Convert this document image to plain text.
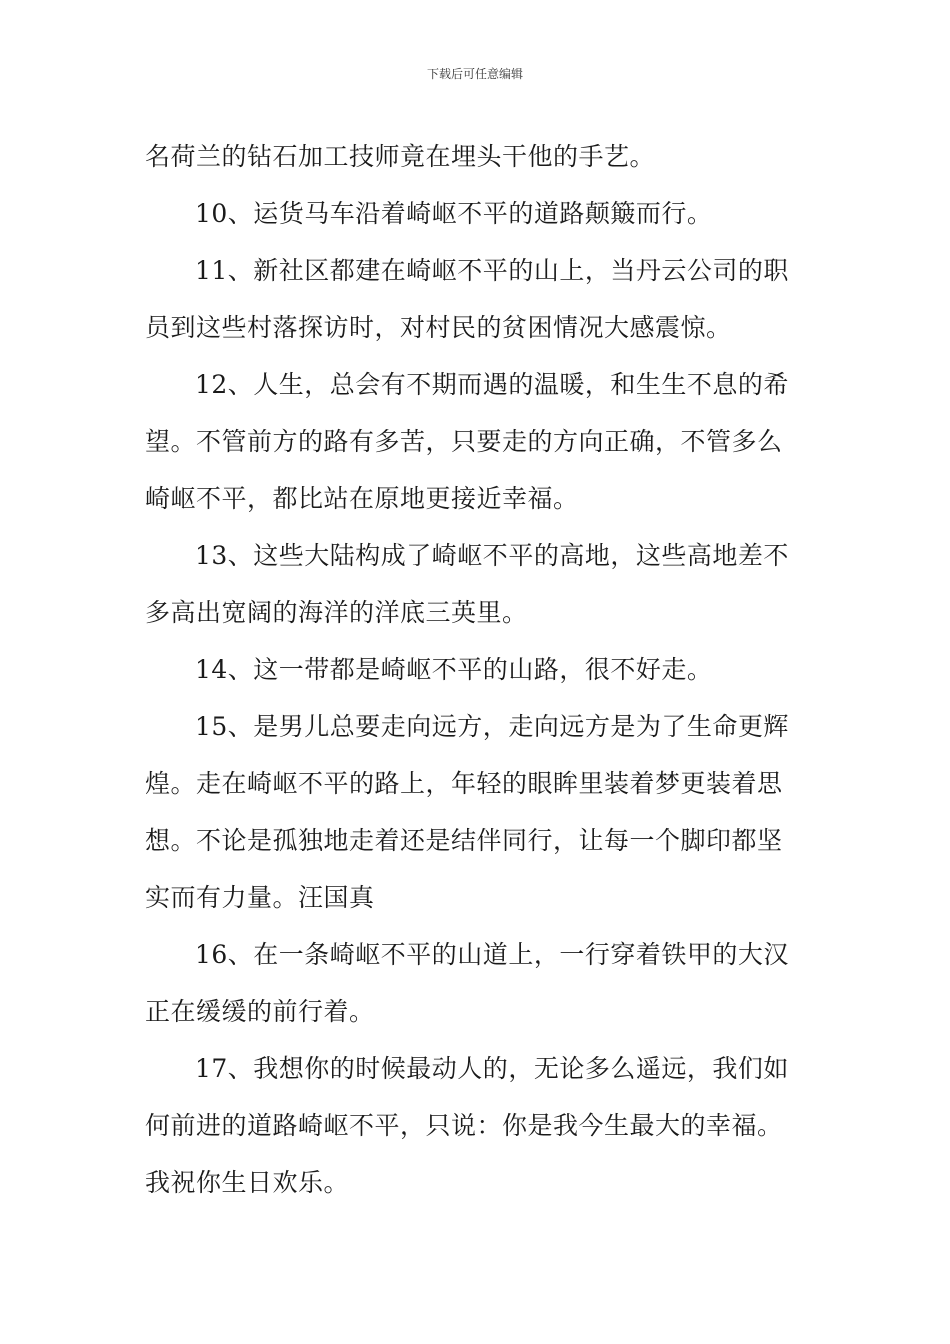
下载后可任意编辑

名荷兰的钻石加工技师竟在埋头干他的手艺。

10、运货马车沿着崎岖不平的道路颠簸而行。

11、新社区都建在崎岖不平的山上，当丹云公司的职
员到这些村落探访时，对村民的贫困情况大感震惊。

12、人生，总会有不期而遇的温暖，和生生不息的希
望。不管前方的路有多苦，只要走的方向正确，不管多么
崎岖不平，都比站在原地更接近幸福。

13、这些大陆构成了崎岖不平的高地，这些高地差不
多高出宽阔的海洋的洋底三英里。

14、这一带都是崎岖不平的山路，很不好走。

15、是男儿总要走向远方，走向远方是为了生命更辉
煌。走在崎岖不平的路上，年轻的眼眸里装着梦更装着思
想。不论是孤独地走着还是结伴同行，让每一个脚印都坚
实而有力量。汪国真

16、在一条崎岖不平的山道上，一行穿着铁甲的大汉
正在缓缓的前行着。

17、我想你的时候最动人的，无论多么遥远，我们如
何前进的道路崎岖不平，只说：你是我今生最大的幸福。
我祝你生日欢乐。
